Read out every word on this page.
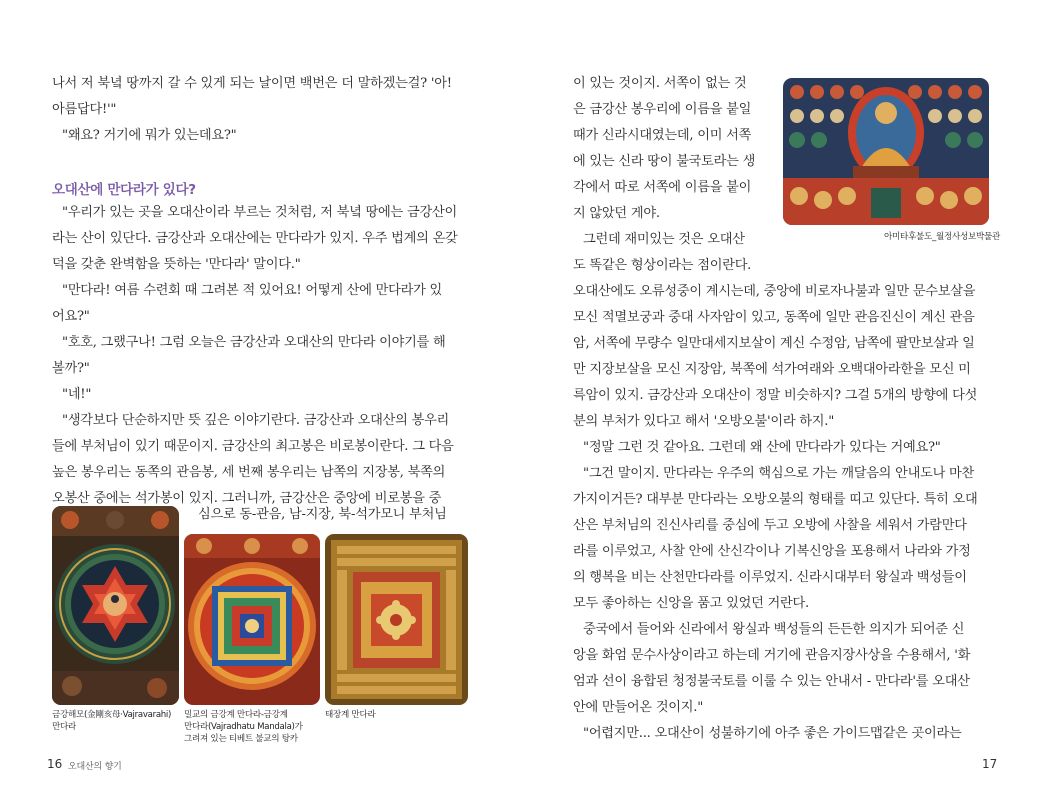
나서 저 북녘 땅까지 갈 수 있게 되는 날이면 백번은 더 말하겠는걸? '아!
아름답다!'"
"왜요? 거기에 뭐가 있는데요?"
오대산에 만다라가 있다?
"우리가 있는 곳을 오대산이라 부르는 것처럼, 저 북녘 땅에는 금강산이
라는 산이 있단다. 금강산과 오대산에는 만다라가 있지. 우주 법계의 온갖
덕을 갖춘 완벽함을 뜻하는 '만다라' 말이다."
"만다라! 여름 수련회 때 그려본 적 있어요! 어떻게 산에 만다라가 있
어요?"
"호호, 그랬구나! 그럼 오늘은 금강산과 오대산의 만다라 이야기를 해
볼까?"
"네!"
"생각보다 단순하지만 뜻 깊은 이야기란다. 금강산과 오대산의 봉우리
들에 부처님이 있기 때문이지. 금강산의 최고봉은 비로봉이란다. 그 다음
높은 봉우리는 동쪽의 관음봉, 세 번째 봉우리는 남쪽의 지장봉, 북쪽의
오봉산 중에는 석가봉이 있지. 그러니까, 금강산은 중앙에 비로봉을 중
심으로 동-관음, 남-지장, 북-석가모니 부처님
금강해모(金剛亥母·Vajravarahi)
만다라
밀교의 금강계 만다라-금강계
만다라(Vajradhatu Mandala)가
그려져 있는 티베트 불교의 탕카
태장계 만다라
16 오대산의 향기
이 있는 것이지. 서쪽이 없는 것
은 금강산 봉우리에 이름을 붙일
때가 신라시대였는데, 이미 서쪽
에 있는 신라 땅이 불국토라는 생
각에서 따로 서쪽에 이름을 붙이
지 않았던 게야.
그런데 재미있는 것은 오대산
도 똑같은 형상이라는 점이란다.
아미타후불도_월정사성보박물관
오대산에도 오류성중이 계시는데, 중앙에 비로자나불과 일만 문수보살을
모신 적멸보궁과 중대 사자암이 있고, 동쪽에 일만 관음진신이 계신 관음
암, 서쪽에 무량수 일만대세지보살이 계신 수정암, 남쪽에 팔만보살과 일
만 지장보살을 모신 지장암, 북쪽에 석가여래와 오백대아라한을 모신 미
륵암이 있지. 금강산과 오대산이 정말 비슷하지? 그걸 5개의 방향에 다섯
분의 부처가 있다고 해서 '오방오불'이라 하지."
"정말 그런 것 같아요. 그런데 왜 산에 만다라가 있다는 거예요?"
"그건 말이지. 만다라는 우주의 핵심으로 가는 깨달음의 안내도나 마찬
가지이거든? 대부분 만다라는 오방오불의 형태를 띠고 있단다. 특히 오대
산은 부처님의 진신사리를 중심에 두고 오방에 사찰을 세워서 가람만다
라를 이루었고, 사찰 안에 산신각이나 기복신앙을 포용해서 나라와 가정
의 행복을 비는 산천만다라를 이루었지. 신라시대부터 왕실과 백성들이
모두 좋아하는 신앙을 품고 있었던 거란다.
중국에서 들어와 신라에서 왕실과 백성들의 든든한 의지가 되어준 신
앙을 화엄 문수사상이라고 하는데 거기에 관음지장사상을 수용해서, '화
엄과 선이 융합된 청정불국토를 이룰 수 있는 안내서 - 만다라'를 오대산
안에 만들어온 것이지."
"어렵지만... 오대산이 성불하기에 아주 좋은 가이드맵같은 곳이라는
17
